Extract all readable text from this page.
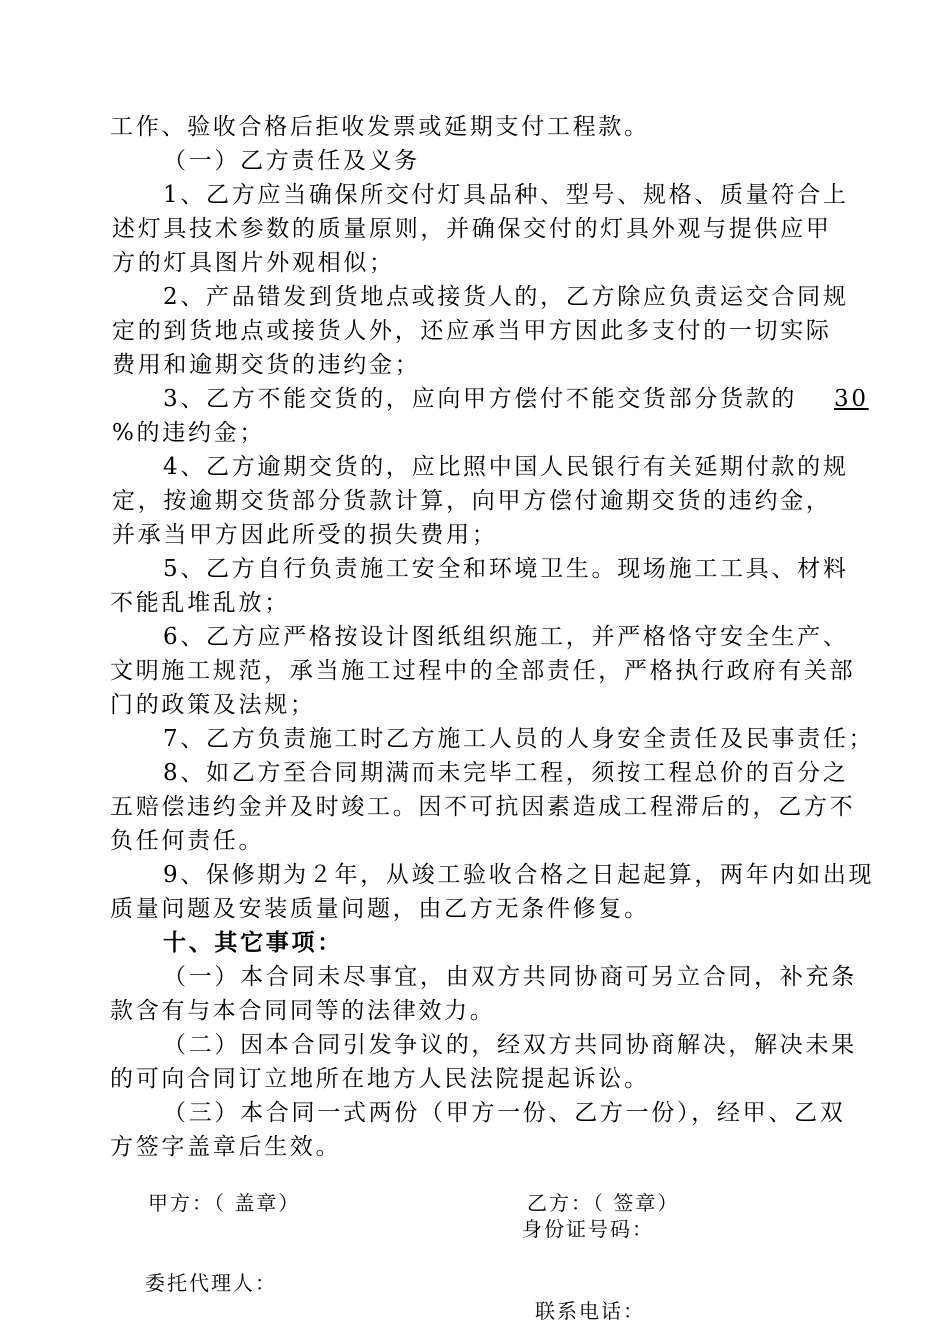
工作、验收合格后拒收发票或延期支付工程款。
（一）乙方责任及义务
1、乙方应当确保所交付灯具品种、型号、规格、质量符合上
述灯具技术参数的质量原则，并确保交付的灯具外观与提供应甲
方的灯具图片外观相似；
2、产品错发到货地点或接货人的，乙方除应负责运交合同规
定的到货地点或接货人外，还应承当甲方因此多支付的一切实际
费用和逾期交货的违约金；
3、乙方不能交货的，应向甲方偿付不能交货部分货款的	30
%的违约金；
4、乙方逾期交货的，应比照中国人民银行有关延期付款的规
定，按逾期交货部分货款计算，向甲方偿付逾期交货的违约金，
并承当甲方因此所受的损失费用；
5、乙方自行负责施工安全和环境卫生。现场施工工具、材料
不能乱堆乱放；
6、乙方应严格按设计图纸组织施工，并严格恪守安全生产、
文明施工规范，承当施工过程中的全部责任，严格执行政府有关部
门的政策及法规；
7、乙方负责施工时乙方施工人员的人身安全责任及民事责任；
8、如乙方至合同期满而未完毕工程，须按工程总价的百分之
五赔偿违约金并及时竣工。因不可抗因素造成工程滞后的，乙方不
负任何责任。
9、保修期为２年，从竣工验收合格之日起起算，两年内如出现
质量问题及安装质量问题，由乙方无条件修复。
十、其它事项：
（一）本合同未尽事宜，由双方共同协商可另立合同，补充条
款含有与本合同同等的法律效力。
（二）因本合同引发争议的，经双方共同协商解决，解决未果
的可向合同订立地所在地方人民法院提起诉讼。
（三）本合同一式两份（甲方一份、乙方一份），经甲、乙双
方签字盖章后生效。
甲方：（ 盖章）	乙方：（ 签章）
身份证号码：
委托代理人：
联系电话：
